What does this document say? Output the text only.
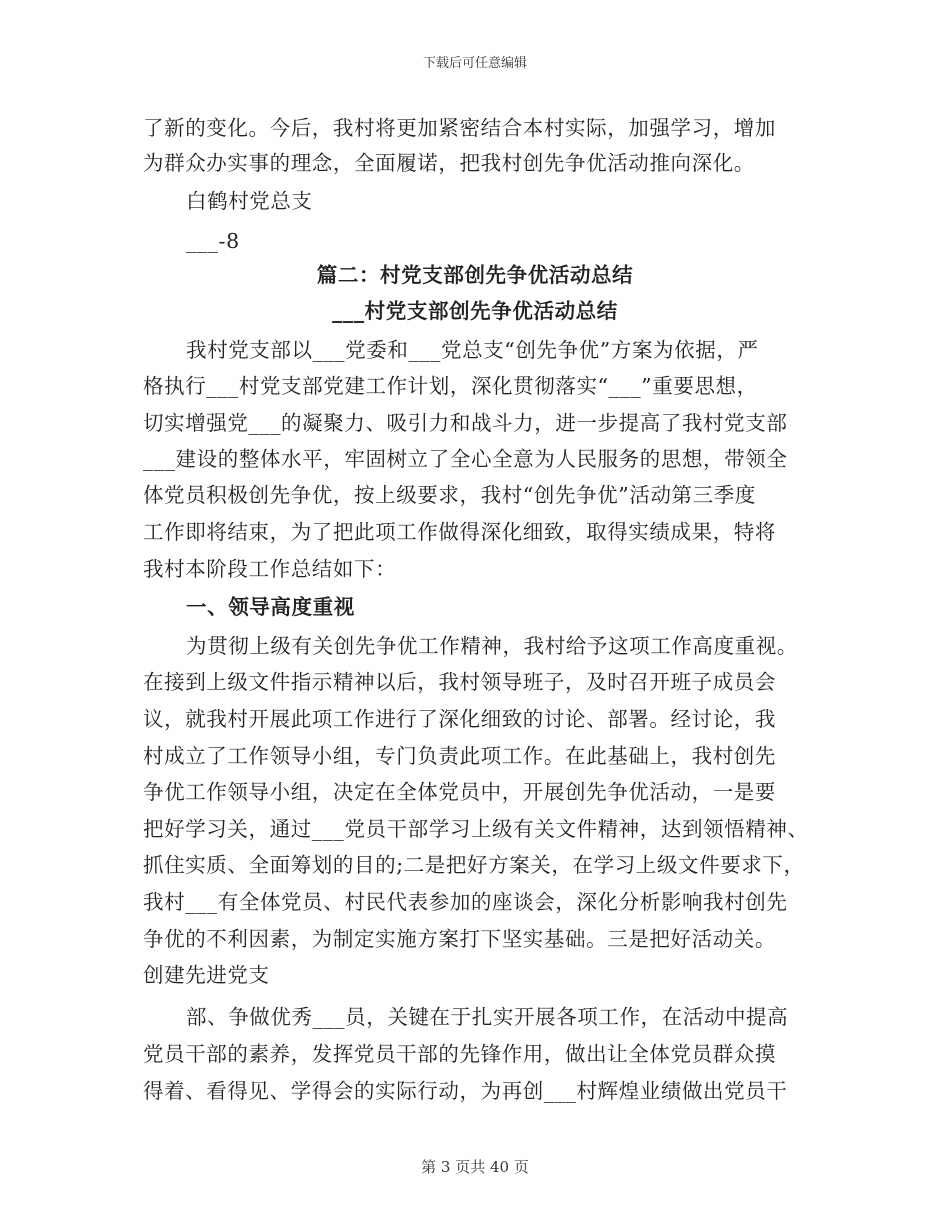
下载后可任意编辑
了新的变化。今后，我村将更加紧密结合本村实际，加强学习，增加
为群众办实事的理念，全面履诺，把我村创先争优活动推向深化。
白鹤村党总支
___-8
篇二：村党支部创先争优活动总结
___村党支部创先争优活动总结
我村党支部以___党委和___党总支“创先争优”方案为依据，严
格执行___村党支部党建工作计划，深化贯彻落实“___”重要思想，
切实增强党___的凝聚力、吸引力和战斗力，进一步提高了我村党支部
___建设的整体水平，牢固树立了全心全意为人民服务的思想，带领全
体党员积极创先争优，按上级要求，我村“创先争优”活动第三季度
工作即将结束，为了把此项工作做得深化细致，取得实绩成果，特将
我村本阶段工作总结如下：
一、领导高度重视
为贯彻上级有关创先争优工作精神，我村给予这项工作高度重视。
在接到上级文件指示精神以后，我村领导班子，及时召开班子成员会
议，就我村开展此项工作进行了深化细致的讨论、部署。经讨论，我
村成立了工作领导小组，专门负责此项工作。在此基础上，我村创先
争优工作领导小组，决定在全体党员中，开展创先争优活动，一是要
把好学习关，通过___党员干部学习上级有关文件精神，达到领悟精神、
抓住实质、全面筹划的目的;二是把好方案关，在学习上级文件要求下，
我村___有全体党员、村民代表参加的座谈会，深化分析影响我村创先
争优的不利因素，为制定实施方案打下坚实基础。三是把好活动关。
创建先进党支
部、争做优秀___员，关键在于扎实开展各项工作，在活动中提高
党员干部的素养，发挥党员干部的先锋作用，做出让全体党员群众摸
得着、看得见、学得会的实际行动，为再创___村辉煌业绩做出党员干
第 3 页共 40 页
